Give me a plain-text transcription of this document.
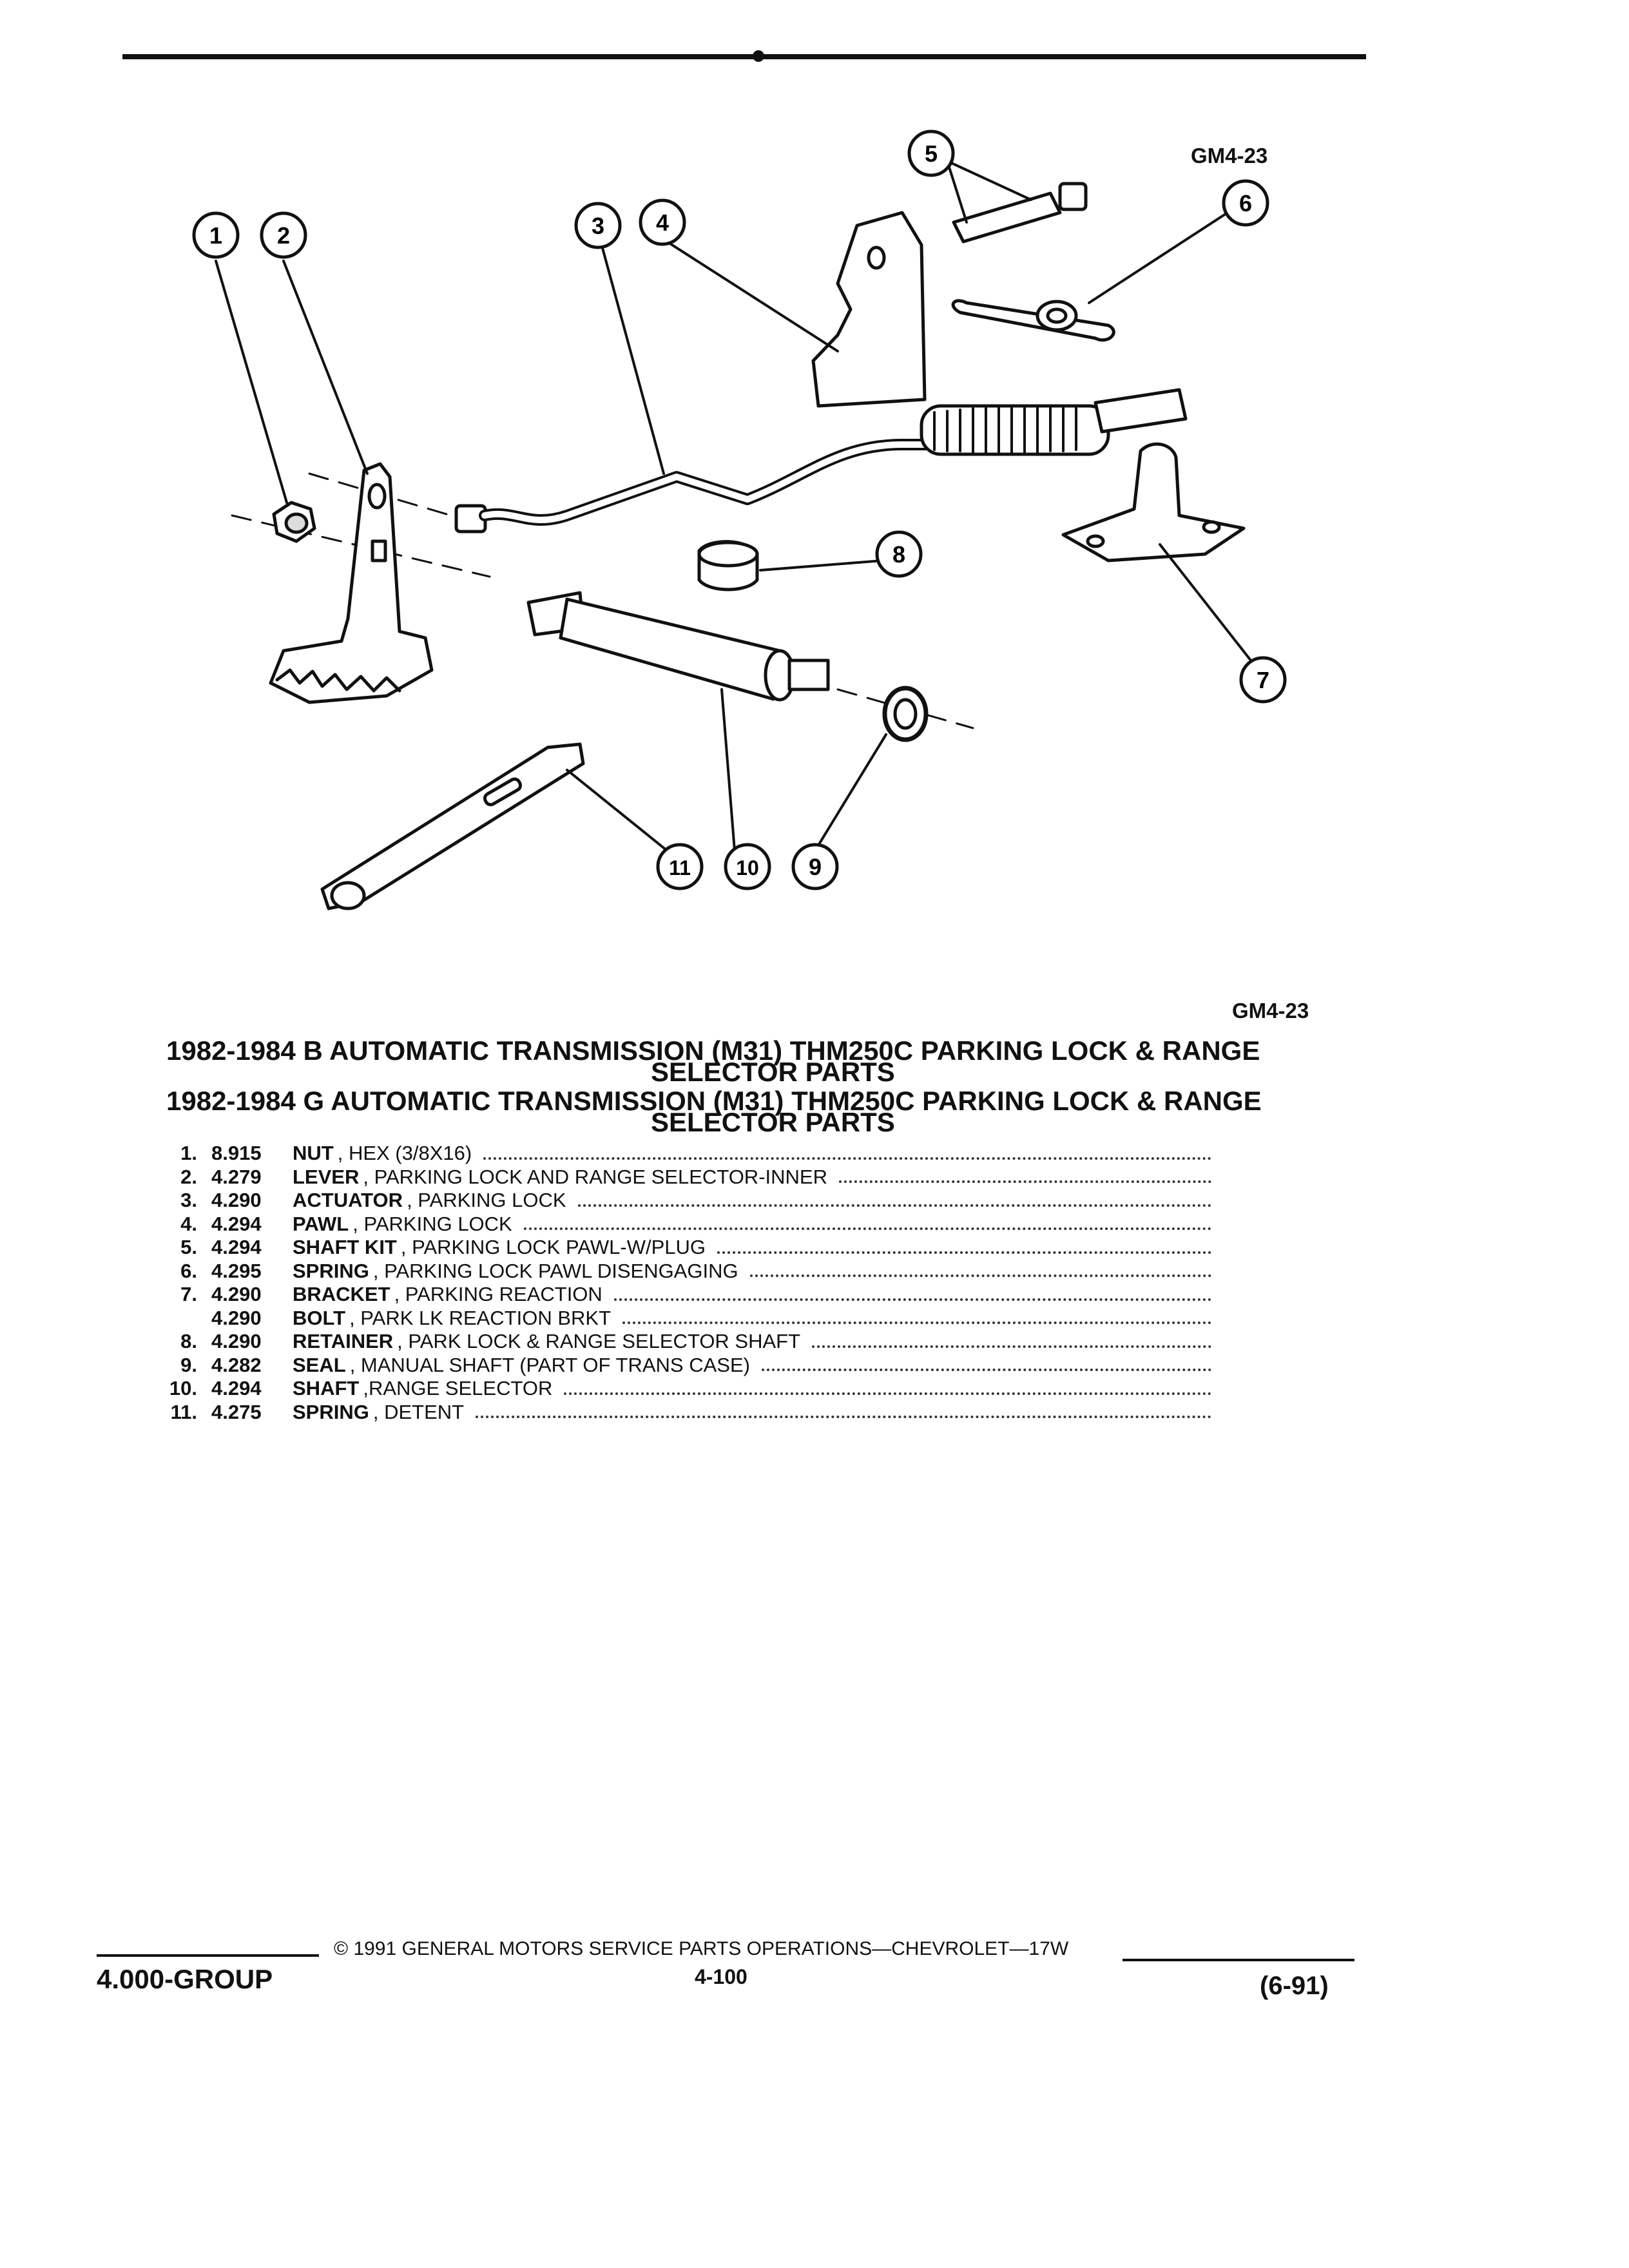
1 2	3 4
5
6
7
8
9
10
11
GM4-23
GM4-23
1982-1984 B AUTOMATIC TRANSMISSION (M31) THM250C PARKING LOCK & RANGE
SELECTOR PARTS
1982-1984 G AUTOMATIC TRANSMISSION (M31) THM250C PARKING LOCK & RANGE
SELECTOR PARTS
1. 8.915	NUT , HEX (3/8X16)
2. 4.279	LEVER , PARKING LOCK AND RANGE SELECTOR-INNER
3. 4.290	ACTUATOR , PARKING LOCK
4. 4.294	PAWL , PARKING LOCK
5. 4.294	SHAFT KIT , PARKING LOCK PAWL-W/PLUG
6. 4.295	SPRING , PARKING LOCK PAWL DISENGAGING
7. 4.290	BRACKET , PARKING REACTION
4.290	BOLT , PARK LK REACTION BRKT
8. 4.290	RETAINER , PARK LOCK & RANGE SELECTOR SHAFT
9. 4.282	SEAL , MANUAL SHAFT (PART OF TRANS CASE)
10. 4.294	SHAFT ,RANGE SELECTOR
11. 4.275	SPRING , DETENT
© 1991 GENERAL MOTORS SERVICE PARTS OPERATIONS—CHEVROLET—17W
4.000-GROUP	4-100	(6-91)
